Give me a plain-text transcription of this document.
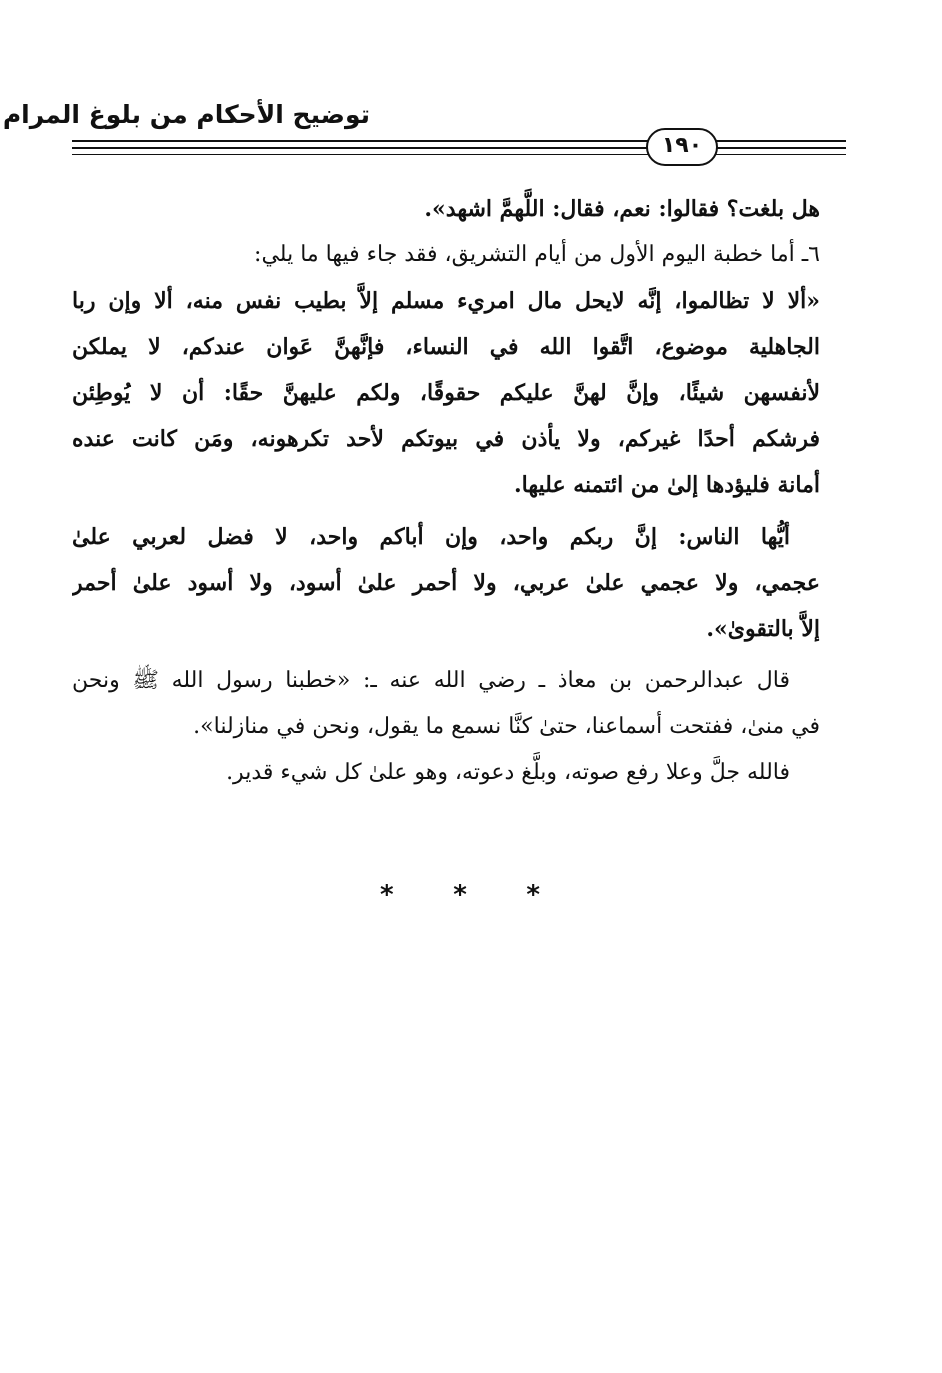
توضيح الأحكام من بلوغ المرام
١٩٠
هل بلغت؟ فقالوا: نعم، فقال: اللَّهمَّ اشهد».
٦ـ أما خطبة اليوم الأول من أيام التشريق، فقد جاء فيها ما يلي:
«ألا لا تظالموا، إنَّه لايحل مال امريء مسلم إلاَّ بطيب نفس منه، ألا وإن ربا
الجاهلية موضوع، اتَّقوا الله في النساء، فإنَّهنَّ عَوان عندكم، لا يملكن
لأنفسهن شيئًا، وإنَّ لهنَّ عليكم حقوقًا، ولكم عليهنَّ حقًا: أن لا يُوطِئن
فرشكم أحدًا غيركم، ولا يأذن في بيوتكم لأحد تكرهونه، ومَن كانت عنده
أمانة فليؤدها إلىٰ من ائتمنه عليها.
أيُّها الناس: إنَّ ربكم واحد، وإن أباكم واحد، لا فضل لعربي علىٰ
عجمي، ولا عجمي علىٰ عربي، ولا أحمر علىٰ أسود، ولا أسود علىٰ أحمر
إلاَّ بالتقوىٰ».
قال عبدالرحمن بن معاذ ـ رضي الله عنه ـ: «خطبنا رسول الله ﷺ ونحن
في منىٰ، ففتحت أسماعنا، حتىٰ كنَّا نسمع ما يقول، ونحن في منازلنا».
فالله جلَّ وعلا رفع صوته، وبلَّغ دعوته، وهو علىٰ كل شيء قدير.
* * *
